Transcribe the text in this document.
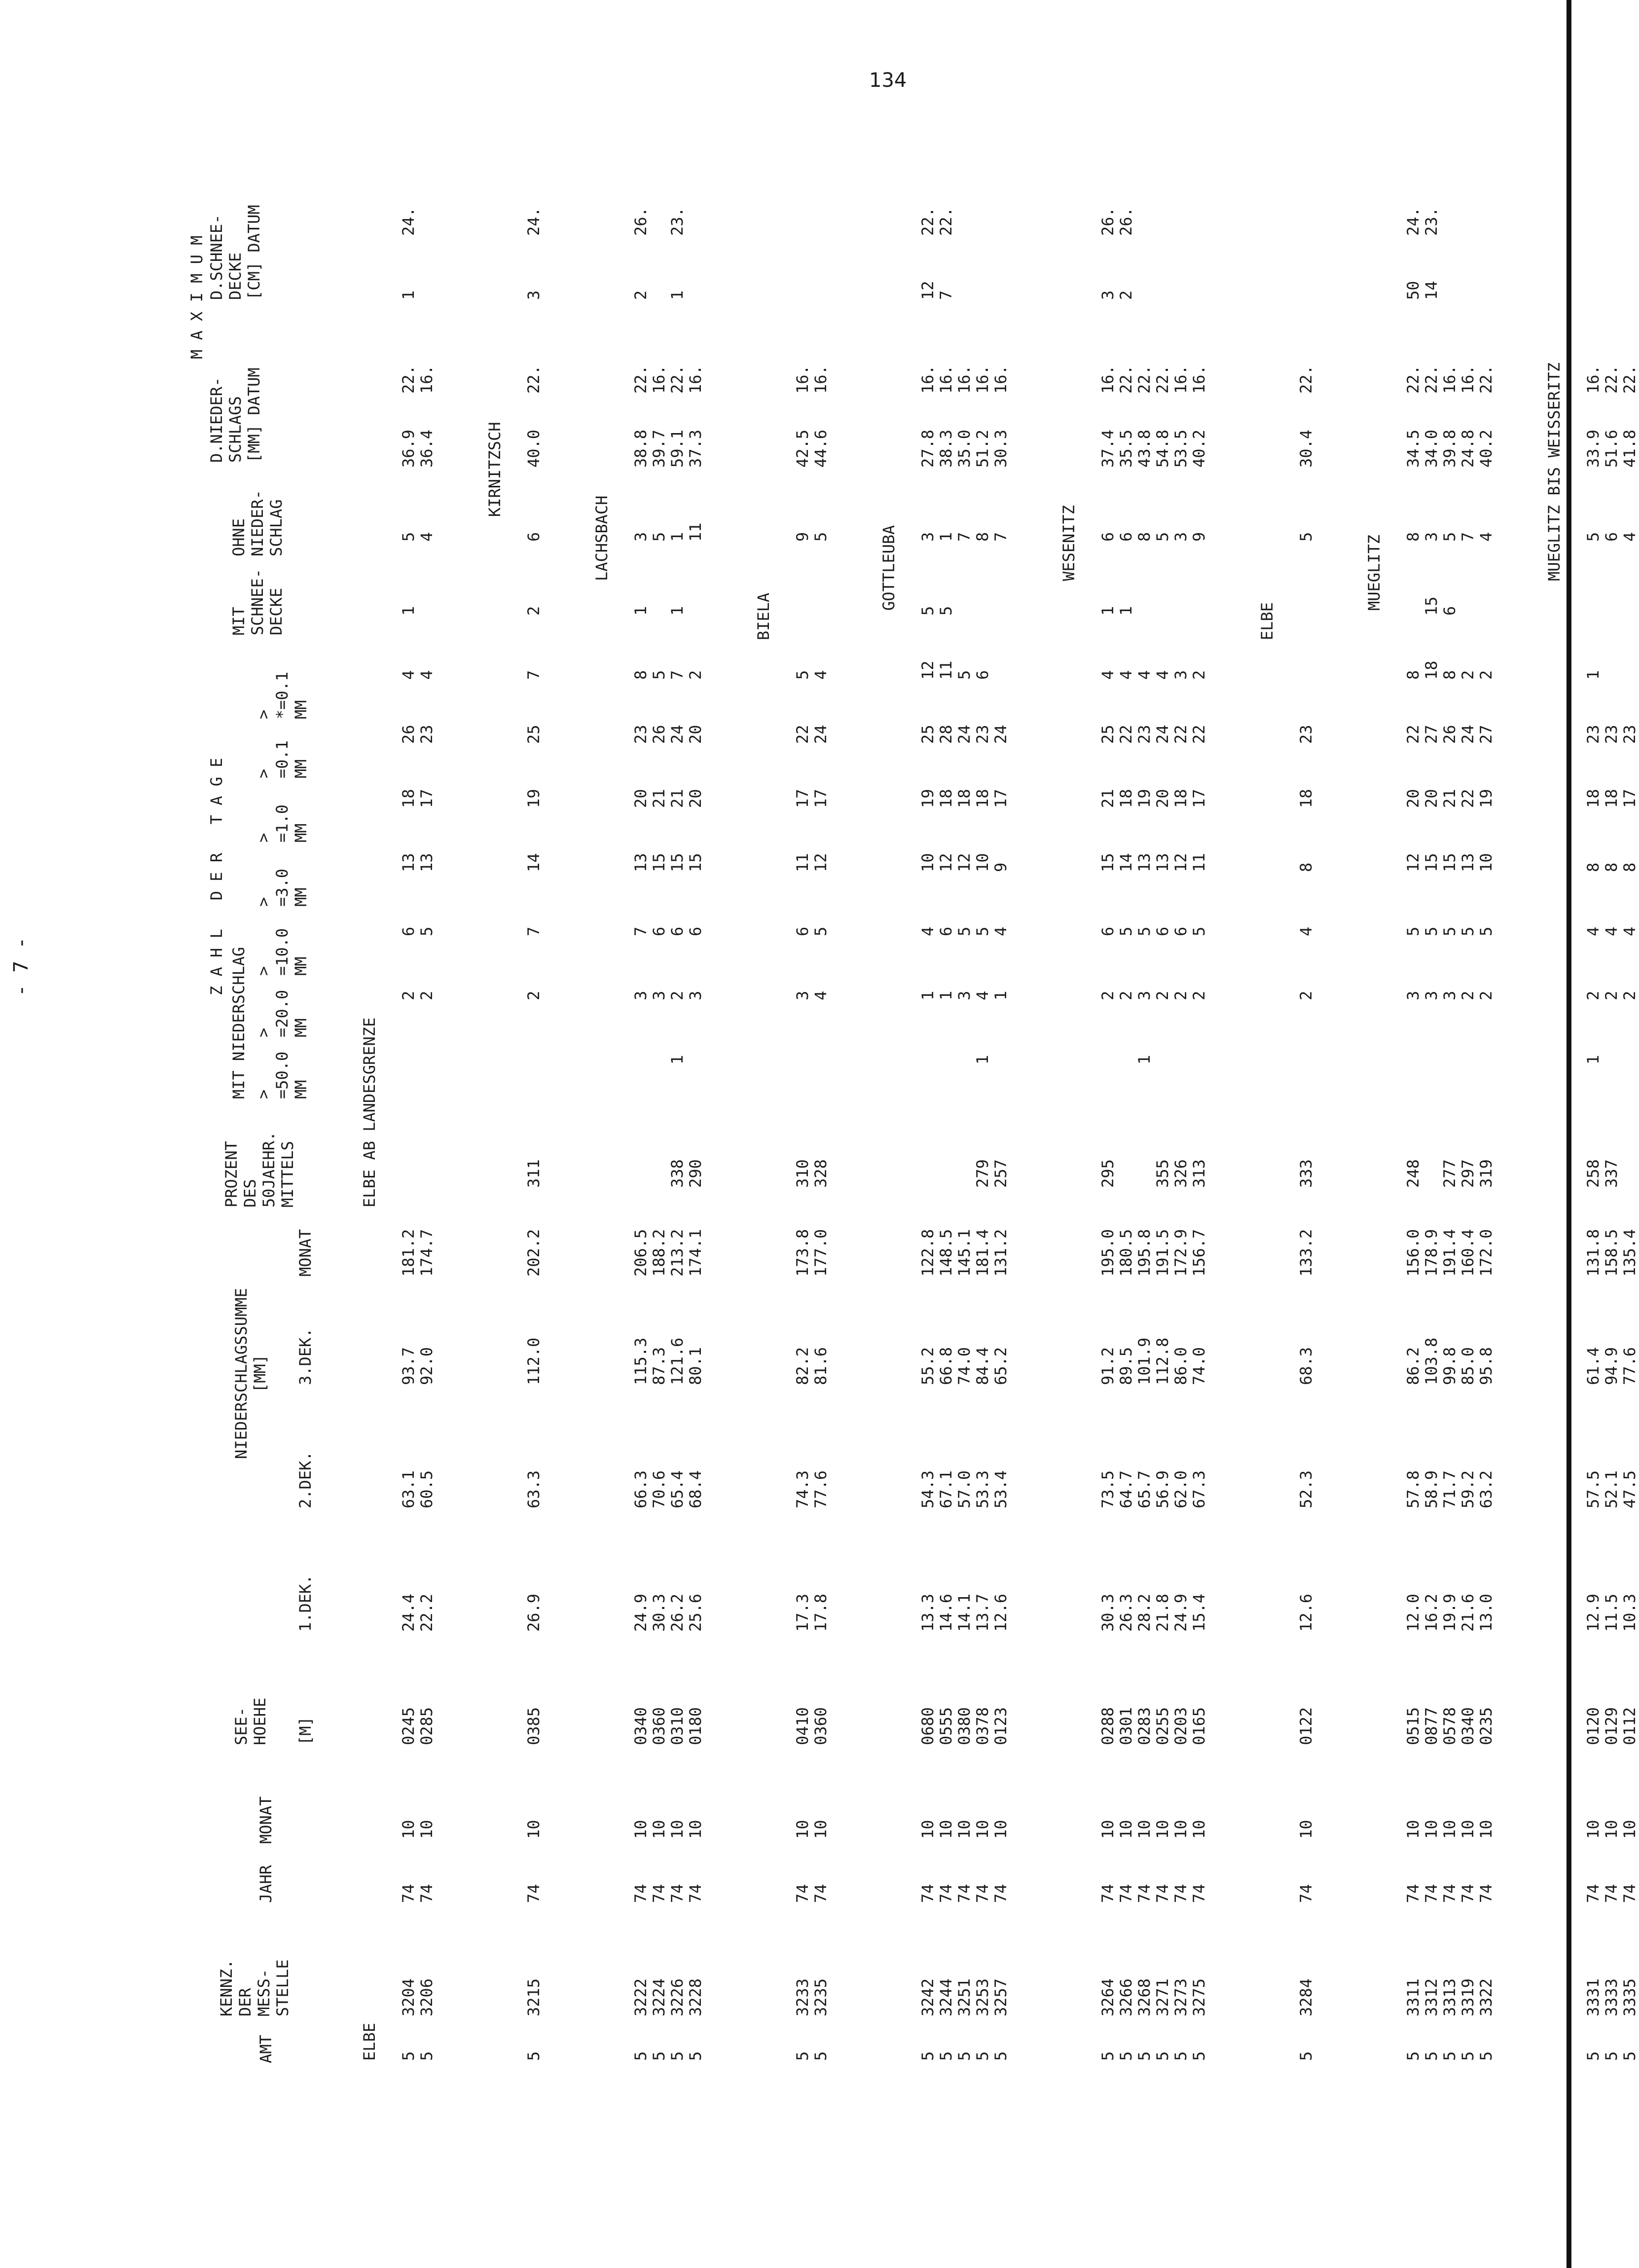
134
AMT
KENNZ.
DER
MESS-
STELLE
JAHR
MONAT
SEE-
HOEHE [M]
NIEDERSCHLAGSSUMME
[MM]
1.DEK.
2.DEK.
3.DEK.
MONAT
PROZENT
DES
50JAEHR.
MITTELS
Z A H L   D E R   T A G E
MIT NIEDERSCHLAG >
=50.0
MM
>
=20.0
MM
>
=10.0
MM
>
=3.0
MM
>
=1.0
MM
>
=0.1
MM
>
*=0.1
MM
MIT
SCHNEE-
DECKE
OHNE
NIEDER-
SCHLAG
M A X I M U M
D.NIEDER-
SCHLAGS
[MM] DATUM
D.SCHNEE-
DECKE
[CM] DATUM
ELBE
ELBE AB LANDESGRENZE
5
3204
74
10
0245
24.4
63.1
93.7
181.2
2
6
13
18
26
4
1
5
36.9
22.
1
24.
5
3206
74
10
0285
22.2
60.5
92.0
174.7
2
5
13
17
23
4
4
36.4
16.
KIRNITZSCH
5
3215
74
10
0385
26.9
63.3
112.0
202.2
311
2
7
14
19
25
7
2
6
40.0
22.
3
24.
LACHSBACH
5
3222
74
10
0340
24.9
66.3
115.3
206.5
3
7
13
20
23
8
1
3
38.8
22.
2
26.
5
3224
74
10
0360
30.3
70.6
87.3
188.2
3
6
15
21
26
5
5
39.7
16.
5
3226
74
10
0310
26.2
65.4
121.6
213.2
338
1
2
6
15
21
24
7
1
1
59.1
22.
1
23.
5
3228
74
10
0180
25.6
68.4
80.1
174.1
290
3
6
15
20
20
2
11
37.3
16.
BIELA
5
3233
74
10
0410
17.3
74.3
82.2
173.8
310
3
6
11
17
22
5
9
42.5
16.
5
3235
74
10
0360
17.8
77.6
81.6
177.0
328
4
5
12
17
24
4
5
44.6
16.
GOTTLEUBA
5
3242
74
10
0680
13.3
54.3
55.2
122.8
1
4
10
19
25
12
5
3
27.8
16.
12
22.
5
3244
74
10
0555
14.6
67.1
66.8
148.5
1
6
12
18
28
11
5
1
38.3
16.
7
22.
5
3251
74
10
0380
14.1
57.0
74.0
145.1
3
5
12
18
24
5
7
35.0
16.
5
3253
74
10
0378
13.7
53.3
84.4
181.4
279
1
4
5
10
18
23
6
8
51.2
16.
5
3257
74
10
0123
12.6
53.4
65.2
131.2
257
1
4
9
17
24
7
30.3
16.
WESENITZ
5
3264
74
10
0288
30.3
73.5
91.2
195.0
295
2
6
15
21
25
4
1
6
37.4
16.
3
26.
5
3266
74
10
0301
26.3
64.7
89.5
180.5
2
5
14
18
22
4
1
6
35.5
22.
2
26.
5
3268
74
10
0283
28.2
65.7
101.9
195.8
1
3
5
13
19
23
4
8
43.8
22.
5
3271
74
10
0255
21.8
56.9
112.8
191.5
355
2
6
13
20
24
4
5
54.8
22.
5
3273
74
10
0203
24.9
62.0
86.0
172.9
326
2
6
12
18
22
3
3
53.5
16.
5
3275
74
10
0165
15.4
67.3
74.0
156.7
313
2
5
11
17
22
2
9
40.2
16.
ELBE
5
3284
74
10
0122
12.6
52.3
68.3
133.2
333
2
4
8
18
23
5
30.4
22.
MUEGLITZ
5
3311
74
10
0515
12.0
57.8
86.2
156.0
248
3
5
12
20
22
8
8
34.5
22.
50
24.
5
3312
74
10
0877
16.2
58.9
103.8
178.9
3
5
15
20
27
18
15
3
34.0
22.
14
23.
5
3313
74
10
0578
19.9
71.7
99.8
191.4
277
3
5
15
21
26
8
6
5
39.8
16.
5
3319
74
10
0340
21.6
59.2
85.0
160.4
297
2
5
13
22
24
2
7
24.8
16.
5
3322
74
10
0235
13.0
63.2
95.8
172.0
319
2
5
10
19
27
2
4
40.2
22.	MUEGLITZ BIS WEISSERITZ
5
3331
74
10
0120
12.9
57.5
61.4
131.8
258
1
2
4
8
18
23
1
5
33.9
16.
5
3333
74
10
0129
11.5
52.1
94.9
158.5
337
2
4
8
18
23
6
51.6
22.
5
3335
74
10
0112
10.3
47.5
77.6
135.4
2
4
8
17
23
4
41.8
22.
- 7 -
